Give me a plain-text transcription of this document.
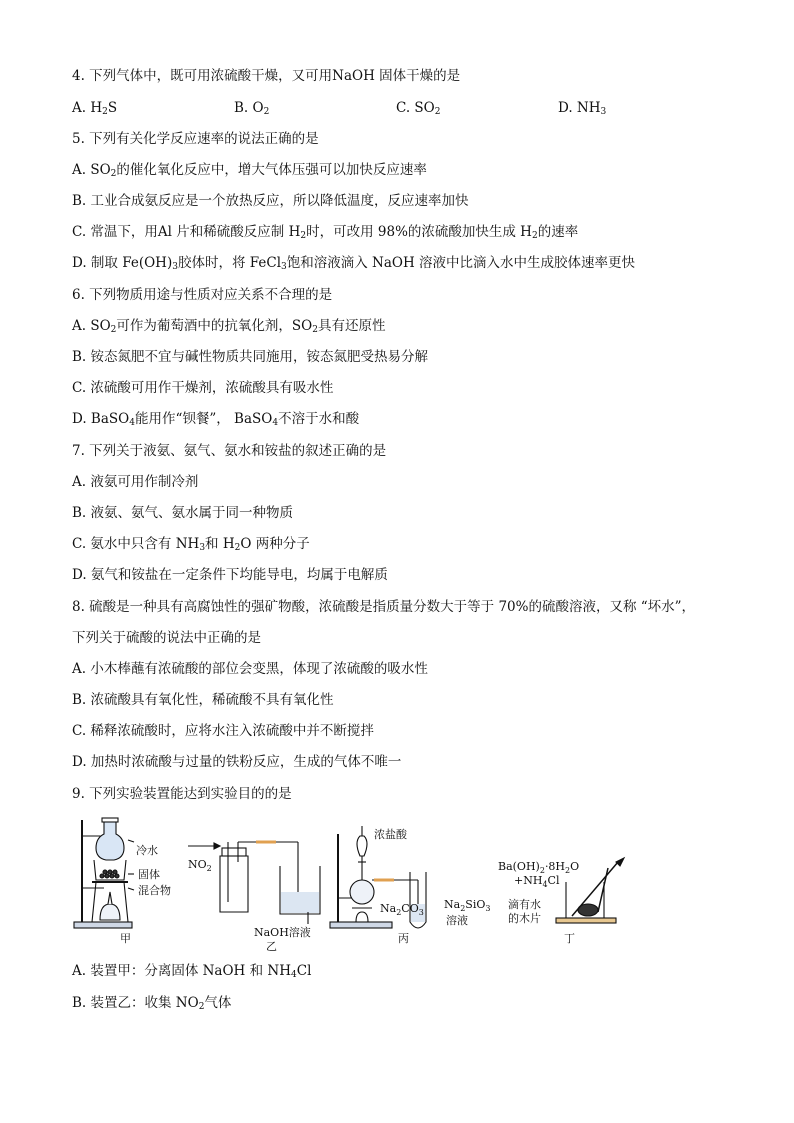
4. 下列气体中，既可用浓硫酸干燥，又可用NaOH 固体干燥的是
A. $H_2S$	B. $O_2$	C. $SO_2$	D. $NH_3$
5. 下列有关化学反应速率的说法正确的是
A. $SO_2$的催化氧化反应中，增大气体压强可以加快反应速率
B. 工业合成氨反应是一个放热反应，所以降低温度，反应速率加快
C. 常温下，用Al 片和稀硫酸反应制 $H_2$时，可改用 98%的浓硫酸加快生成 $H_2$的速率
D. 制取 $Fe(OH)_3$胶体时，将 FeCl$_3$饱和溶液滴入 NaOH 溶液中比滴入水中生成胶体速率更快
6. 下列物质用途与性质对应关系不合理的是
A. $SO_2$可作为葡萄酒中的抗氧化剂，$SO_2$具有还原性
B. 铵态氮肥不宜与碱性物质共同施用，铵态氮肥受热易分解
C. 浓硫酸可用作干燥剂，浓硫酸具有吸水性
D. BaSO$_4$能用作“钡餐”， BaSO$_4$不溶于水和酸
7. 下列关于液氨、氨气、氨水和铵盐的叙述正确的是
A. 液氨可用作制冷剂
B. 液氨、氨气、氨水属于同一种物质
C. 氨水中只含有 $NH_3$和 $H_2O$ 两种分子
D. 氨气和铵盐在一定条件下均能导电，均属于电解质
8. 硫酸是一种具有高腐蚀性的强矿物酸，浓硫酸是指质量分数大于等于 70%的硫酸溶液，又称 “坏水”，
下列关于硫酸的说法中正确的是
A. 小木棒蘸有浓硫酸的部位会变黑，体现了浓硫酸的吸水性
B. 浓硫酸具有氧化性，稀硫酸不具有氧化性
C. 稀释浓硫酸时，应将水注入浓硫酸中并不断搅拌
D. 加热时浓硫酸与过量的铁粉反应，生成的气体不唯一
9. 下列实验装置能达到实验目的的是
冷水
固体
混合物
甲
$NO_2$
NaOH溶液
乙
浓盐酸
$Na_2CO_3$
$Na_2SiO_3$
溶液
丙
$Ba(OH)_2\cdot 8H_2O$
$+NH_4Cl$
滴有水
的木片
丁
A. 装置甲：分离固体 NaOH 和 $NH_4Cl$
B. 装置乙：收集 $NO_2$气体
